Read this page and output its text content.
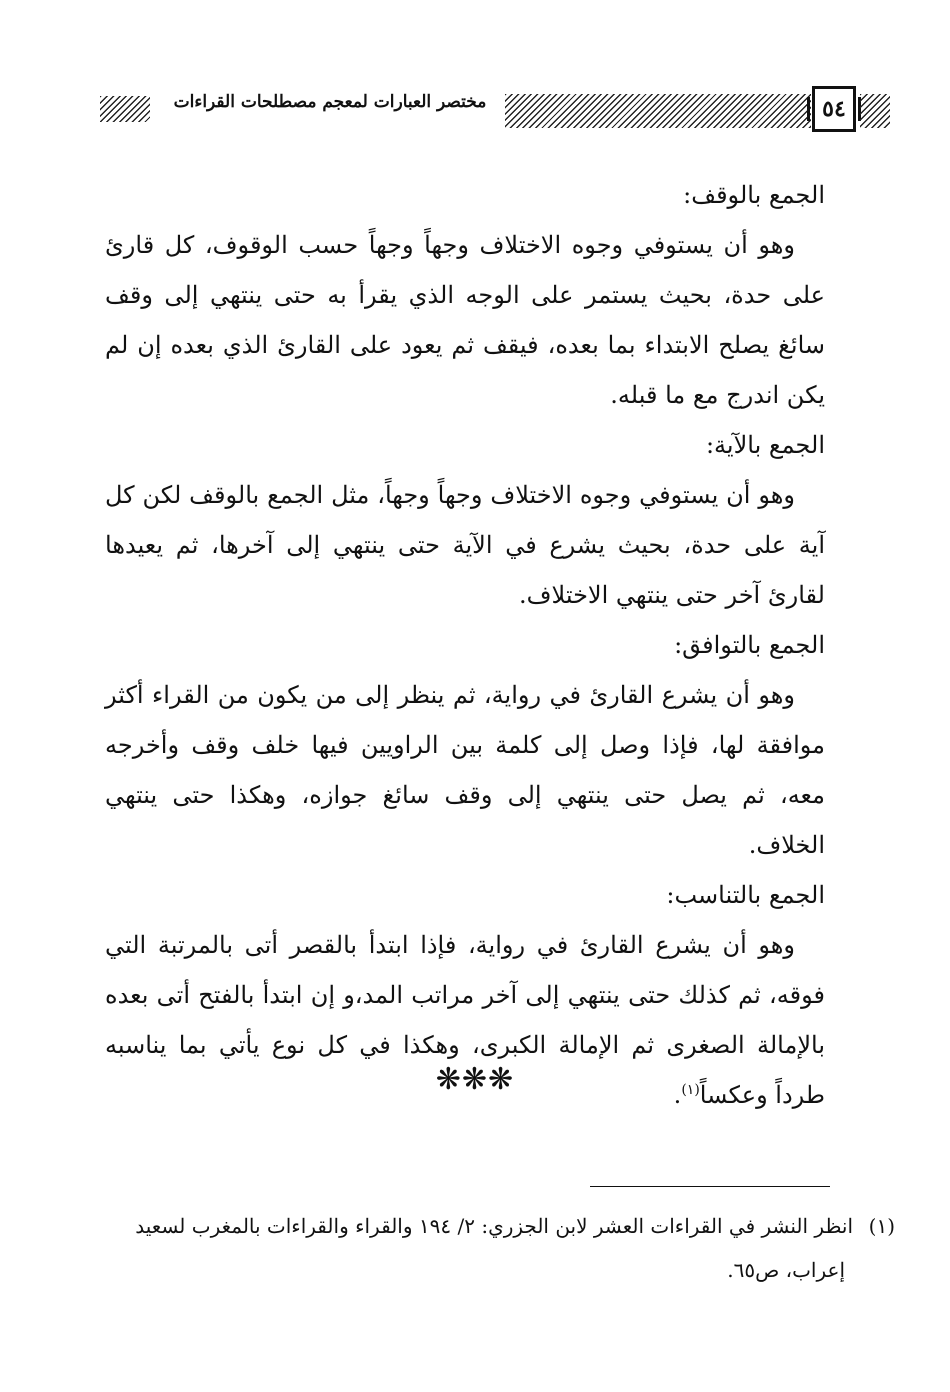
مختصر العبارات لمعجم مصطلحات القراءات	٥٤

الجمع بالوقف:

وهو أن يستوفي وجوه الاختلاف وجهاً وجهاً حسب الوقوف، كل قارئ على حدة، بحيث يستمر على الوجه الذي يقرأ به حتى ينتهي إلى وقف سائغ يصلح الابتداء بما بعده، فيقف ثم يعود على القارئ الذي بعده إن لم يكن اندرج مع ما قبله.

الجمع بالآية:

وهو أن يستوفي وجوه الاختلاف وجهاً وجهاً، مثل الجمع بالوقف لكن كل آية على حدة، بحيث يشرع في الآية حتى ينتهي إلى آخرها، ثم يعيدها لقارئ آخر حتى ينتهي الاختلاف.

الجمع بالتوافق:

وهو أن يشرع القارئ في رواية، ثم ينظر إلى من يكون من القراء أكثر موافقة لها، فإذا وصل إلى كلمة بين الراويين فيها خلف وقف وأخرجه معه، ثم يصل حتى ينتهي إلى وقف سائغ جوازه، وهكذا حتى ينتهي الخلاف.

الجمع بالتناسب:

وهو أن يشرع القارئ في رواية، فإذا ابتدأ بالقصر أتى بالمرتبة التي فوقه، ثم كذلك حتى ينتهي إلى آخر مراتب المد،و إن ابتدأ بالفتح أتى بعده بالإمالة الصغرى ثم الإمالة الكبرى، وهكذا في كل نوع يأتي بما يناسبه طرداً وعكساً$^{(١)}$.

❋❋❋
(١)انظر النشر في القراءات العشر لابن الجزري: ٢/ ١٩٤ والقراء والقراءات بالمغرب لسعيد
إعراب، ص٦٥.
